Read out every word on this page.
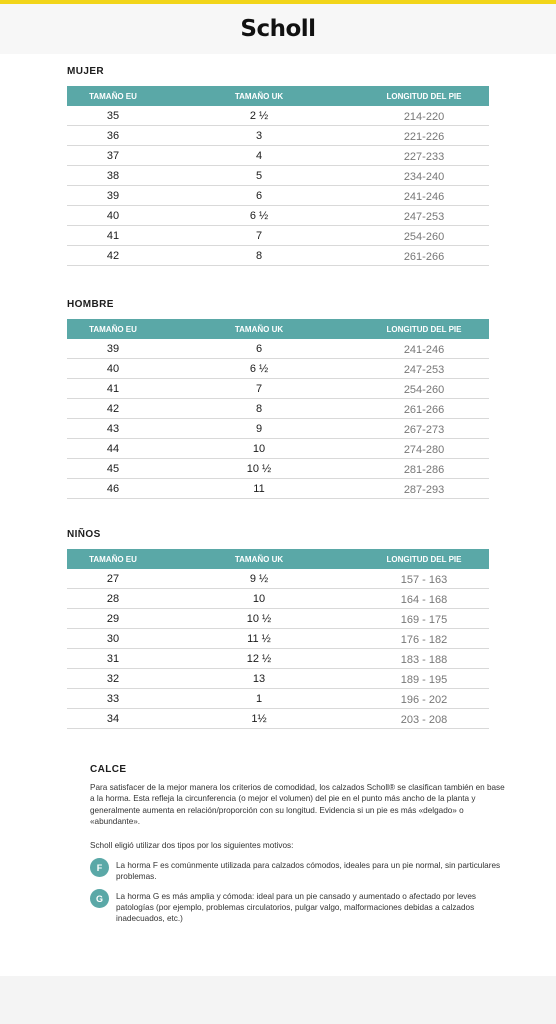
Scholl
MUJER
TAMAÑO EU	TAMAÑO UK	LONGITUD DEL PIE
35	2 ½	214-220
36	3	221-226
37	4	227-233
38	5	234-240
39	6	241-246
40	6 ½	247-253
41	7	254-260
42	8	261-266
HOMBRE
TAMAÑO EU	TAMAÑO UK	LONGITUD DEL PIE
39	6	241-246
40	6 ½	247-253
41	7	254-260
42	8	261-266
43	9	267-273
44	10	274-280
45	10 ½	281-286
46	11	287-293
NIÑOS
TAMAÑO EU	TAMAÑO UK	LONGITUD DEL PIE
27	9 ½	157 - 163
28	10	164 - 168
29	10 ½	169 - 175
30	11 ½	176 - 182
31	12 ½	183 - 188
32	13	189 - 195
33	1	196 - 202
34	1½	203 - 208
CALCE

Para satisfacer de la mejor manera los criterios de comodidad, los calzados Scholl® se clasifican también en base a la horma. Esta refleja la circunferencia (o mejor el volumen) del pie en el punto más ancho de la planta y generalmente aumenta en relación/proporción con su longitud. Evidencia si un pie es más «delgado» o «abundante».

Scholl eligió utilizar dos tipos por los siguientes motivos:

F	La horma F es comúnmente utilizada para calzados cómodos, ideales para un pie normal, sin particulares problemas.
G	La horma G es más amplia y cómoda: ideal para un pie cansado y aumentado o afectado por leves patologías (por ejemplo, problemas circulatorios, pulgar valgo, malformaciones debidas a calzados inadecuados, etc.)
